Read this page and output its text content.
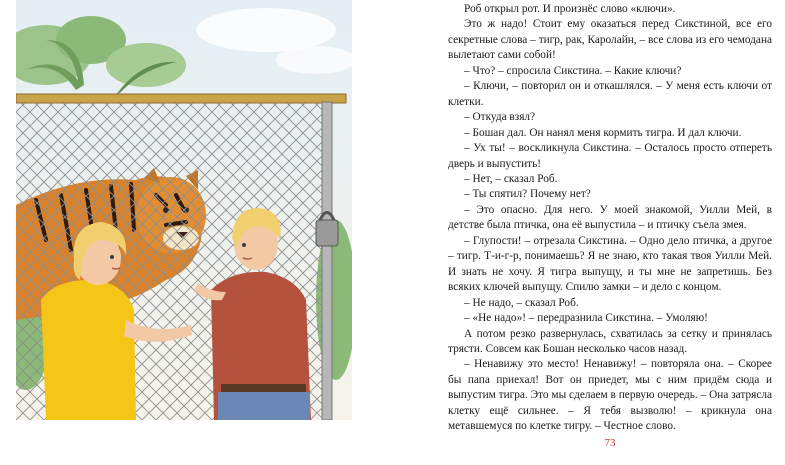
Роб открыл рот. И произнёс слово «ключи».

Это ж надо! Стоит ему оказаться перед Сикстиной, все его секретные слова – тигр, рак, Каролайн, – все слова из его чемодана вылетают сами собой!

– Что? – спросила Сикстина. – Какие ключи?

– Ключи, – повторил он и откашлялся. – У меня есть ключи от клетки.

– Откуда взял?

– Бошан дал. Он нанял меня кормить тигра. И дал ключи.

– Ух ты! – воскликнула Сикстина. – Осталось просто отпереть дверь и выпустить!

– Нет, – сказал Роб.

– Ты спятил? Почему нет?

– Это опасно. Для него. У моей знакомой, Уилли Мей, в детстве была птичка, она её выпустила – и птичку съела змея.

– Глупости! – отрезала Сикстина. – Одно дело птичка, а другое – тигр. Т-и-г-р, понимаешь? Я не знаю, кто такая твоя Уилли Мей. И знать не хочу. Я тигра выпущу, и ты мне не запретишь. Без всяких ключей выпущу. Спилю замки – и дело с концом.

– Не надо, – сказал Роб.

– «Не надо»! – передразнила Сикстина. – Умоляю!

А потом резко развернулась, схватилась за сетку и принялась трясти. Совсем как Бошан несколько часов назад.

– Ненавижу это место! Ненавижу! – повторяла она. – Скорее бы папа приехал! Вот он приедет, мы с ним придём сюда и выпустим тигра. Это мы сделаем в первую очередь. – Она затрясла клетку ещё сильнее. – Я тебя вызволю! – крикнула она метавшемуся по клетке тигру. – Честное слово.

73
